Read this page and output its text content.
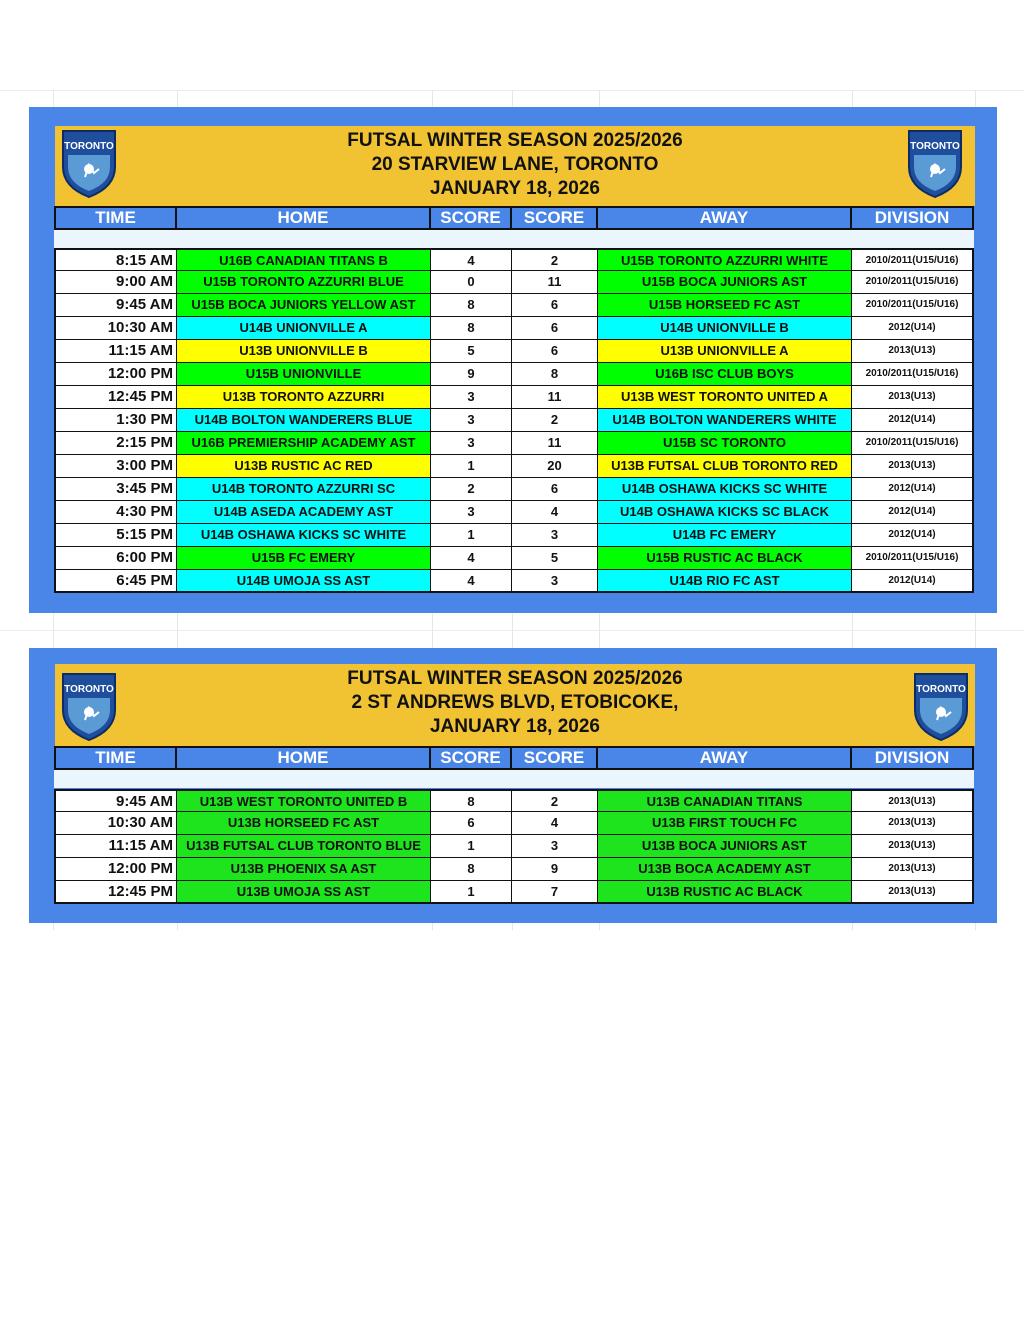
FUTSAL WINTER SEASON 2025/2026
20 STARVIEW LANE, TORONTO
JANUARY 18, 2026
TORONTO	TORONTO
TIME	HOME	SCORE	SCORE	AWAY	DIVISION
8:15 AM	U16B CANADIAN TITANS B	4	2	U15B TORONTO AZZURRI WHITE	2010/2011(U15/U16)
9:00 AM	U15B TORONTO AZZURRI BLUE	0	11	U15B BOCA JUNIORS AST	2010/2011(U15/U16)
9:45 AM	U15B BOCA JUNIORS YELLOW AST	8	6	U15B HORSEED FC AST	2010/2011(U15/U16)
10:30 AM	U14B UNIONVILLE A	8	6	U14B UNIONVILLE B	2012(U14)
11:15 AM	U13B UNIONVILLE B	5	6	U13B UNIONVILLE A	2013(U13)
12:00 PM	U15B UNIONVILLE	9	8	U16B ISC CLUB BOYS	2010/2011(U15/U16)
12:45 PM	U13B TORONTO AZZURRI	3	11	U13B WEST TORONTO UNITED A	2013(U13)
1:30 PM	U14B BOLTON WANDERERS BLUE	3	2	U14B BOLTON WANDERERS WHITE	2012(U14)
2:15 PM	U16B PREMIERSHIP ACADEMY AST	3	11	U15B SC TORONTO	2010/2011(U15/U16)
3:00 PM	U13B RUSTIC AC RED	1	20	U13B FUTSAL CLUB TORONTO RED	2013(U13)
3:45 PM	U14B TORONTO AZZURRI SC	2	6	U14B OSHAWA KICKS SC WHITE	2012(U14)
4:30 PM	U14B ASEDA ACADEMY AST	3	4	U14B OSHAWA KICKS SC BLACK	2012(U14)
5:15 PM	U14B OSHAWA KICKS SC WHITE	1	3	U14B FC EMERY	2012(U14)
6:00 PM	U15B FC EMERY	4	5	U15B RUSTIC AC BLACK	2010/2011(U15/U16)
6:45 PM	U14B UMOJA SS AST	4	3	U14B RIO FC AST	2012(U14)
FUTSAL WINTER SEASON 2025/2026
2 ST ANDREWS BLVD, ETOBICOKE,
JANUARY 18, 2026
TORONTO	TORONTO
TIME	HOME	SCORE	SCORE	AWAY	DIVISION
9:45 AM	U13B WEST TORONTO UNITED B	8	2	U13B CANADIAN TITANS	2013(U13)
10:30 AM	U13B HORSEED FC AST	6	4	U13B FIRST TOUCH FC	2013(U13)
11:15 AM	U13B FUTSAL CLUB TORONTO BLUE	1	3	U13B BOCA JUNIORS AST	2013(U13)
12:00 PM	U13B PHOENIX SA AST	8	9	U13B BOCA ACADEMY AST	2013(U13)
12:45 PM	U13B UMOJA SS AST	1	7	U13B RUSTIC AC BLACK	2013(U13)
